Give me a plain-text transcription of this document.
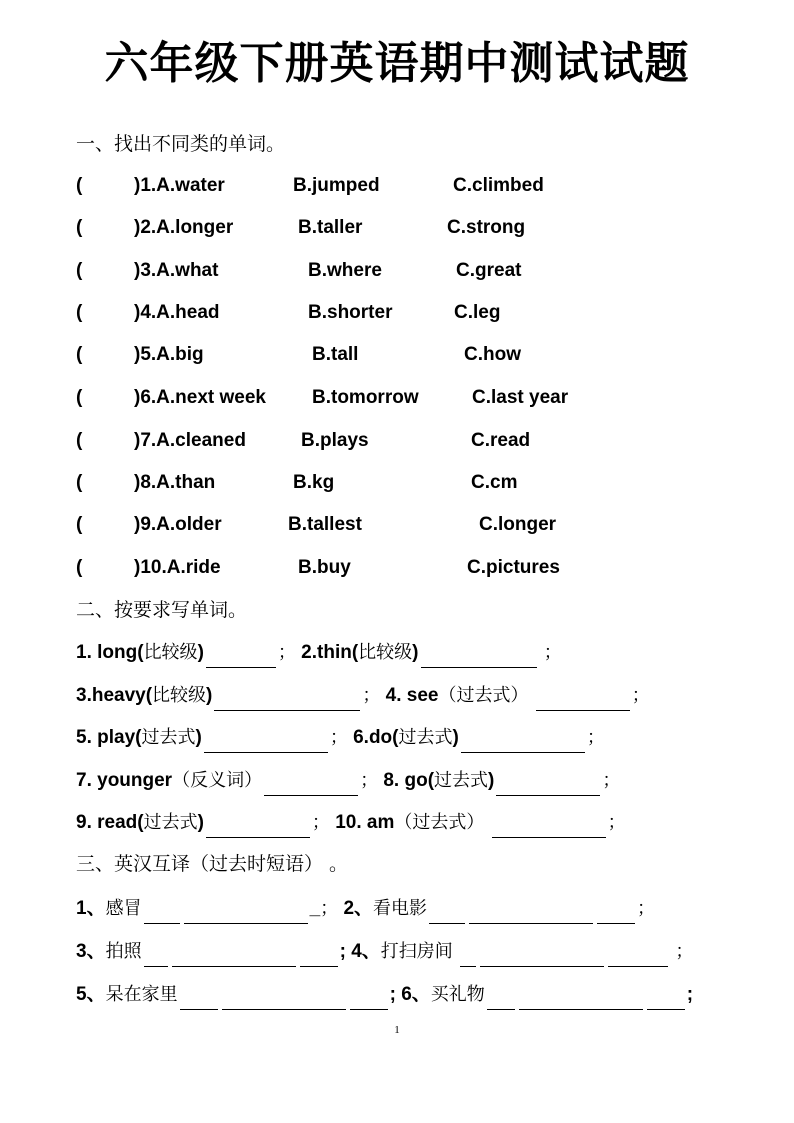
六年级下册英语期中测试试题
一、找出不同类的单词。
(	)1.A.water	B.jumped	C.climbed
(	)2.A.longer	B.taller	C.strong
(	)3.A.what	B.where	C.great
(	)4.A.head	B.shorter	C.leg
(	)5.A.big	B.tall	C.how
(	)6.A.next week B.tomorrow	C.last year
(	)7.A.cleaned	B.plays	C.read
(	)8.A.than	B.kg	C.cm
(	)9.A.older	B.tallest	C.longer
(	)10.A.ride	B.buy	C.pictures
二、按要求写单词。
1. long(比较级)	； 2.thin(比较级)	；
3.heavy(比较级)	； 4. see（过去式）	；
5. play(过去式)	； 6.do(过去式)	；
7. younger（反义词）	； 8. go(过去式)	；
9. read(过去式)	； 10. am（过去式）	；
三、英汉互译（过去时短语） 。
1、感冒	_； 2、看电影	；
3、拍照	; 4、打扫房间	；
5、呆在家里	; 6、买礼物	;
1
